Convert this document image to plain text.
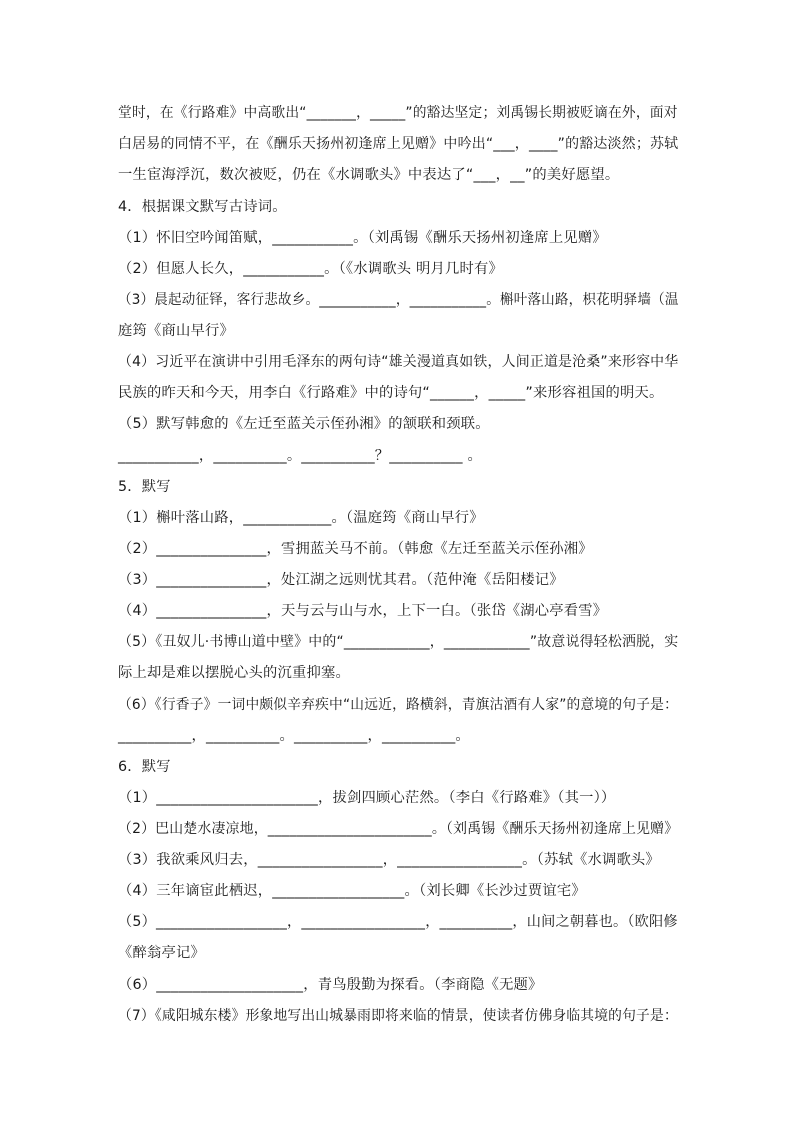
堂时，在《行路难》中高歌出“_______，_____”的豁达坚定；刘禹锡长期被贬谪在外，面对
白居易的同情不平，在《酬乐天扬州初逢席上见赠》中吟出“___，____”的豁达淡然；苏轼
一生宦海浮沉，数次被贬，仍在《水调歌头》中表达了“___，__”的美好愿望。
4．根据课文默写古诗词。
（1）怀旧空吟闻笛赋，___________。（刘禹锡《酬乐天扬州初逢席上见赠》
（2）但愿人长久，___________。（《水调歌头 明月几时有》
（3）晨起动征铎，客行悲故乡。___________，___________。槲叶落山路，枳花明驿墙（温
庭筠《商山早行》
（4）习近平在演讲中引用毛泽东的两句诗“雄关漫道真如铁，人间正道是沧桑”来形容中华
民族的昨天和今天，用李白《行路难》中的诗句“______，_____”来形容祖国的明天。
（5）默写韩愈的《左迁至蓝关示侄孙湘》的颔联和颈联。
___________，__________。__________？__________ 。
5．默写
（1）槲叶落山路，____________。（温庭筠《商山早行》
（2）_______________，雪拥蓝关马不前。（韩愈《左迁至蓝关示侄孙湘》
（3）_______________，处江湖之远则忧其君。（范仲淹《岳阳楼记》
（4）_______________，天与云与山与水，上下一白。（张岱《湖心亭看雪》
（5）《丑奴儿·书博山道中壁》中的“____________，____________”故意说得轻松洒脱，实
际上却是难以摆脱心头的沉重抑塞。
（6）《行香子》一词中颇似辛弃疾中“山远近，路横斜，青旗沽酒有人家”的意境的句子是：
__________，__________。__________，__________。
6．默写
（1）______________________，拔剑四顾心茫然。（李白《行路难》（其一））
（2）巴山楚水凄凉地，_______________________。（刘禹锡《酬乐天扬州初逢席上见赠》
（3）我欲乘风归去，_________________，_________________。（苏轼《水调歌头》
（4）三年谪宦此栖迟，__________________。（刘长卿《长沙过贾谊宅》
（5）__________________，_________________，__________，山间之朝暮也。（欧阳修
《醉翁亭记》
（6）____________________，青鸟殷勤为探看。（李商隐《无题》
（7）《咸阳城东楼》形象地写出山城暴雨即将来临的情景，使读者仿佛身临其境的句子是：
